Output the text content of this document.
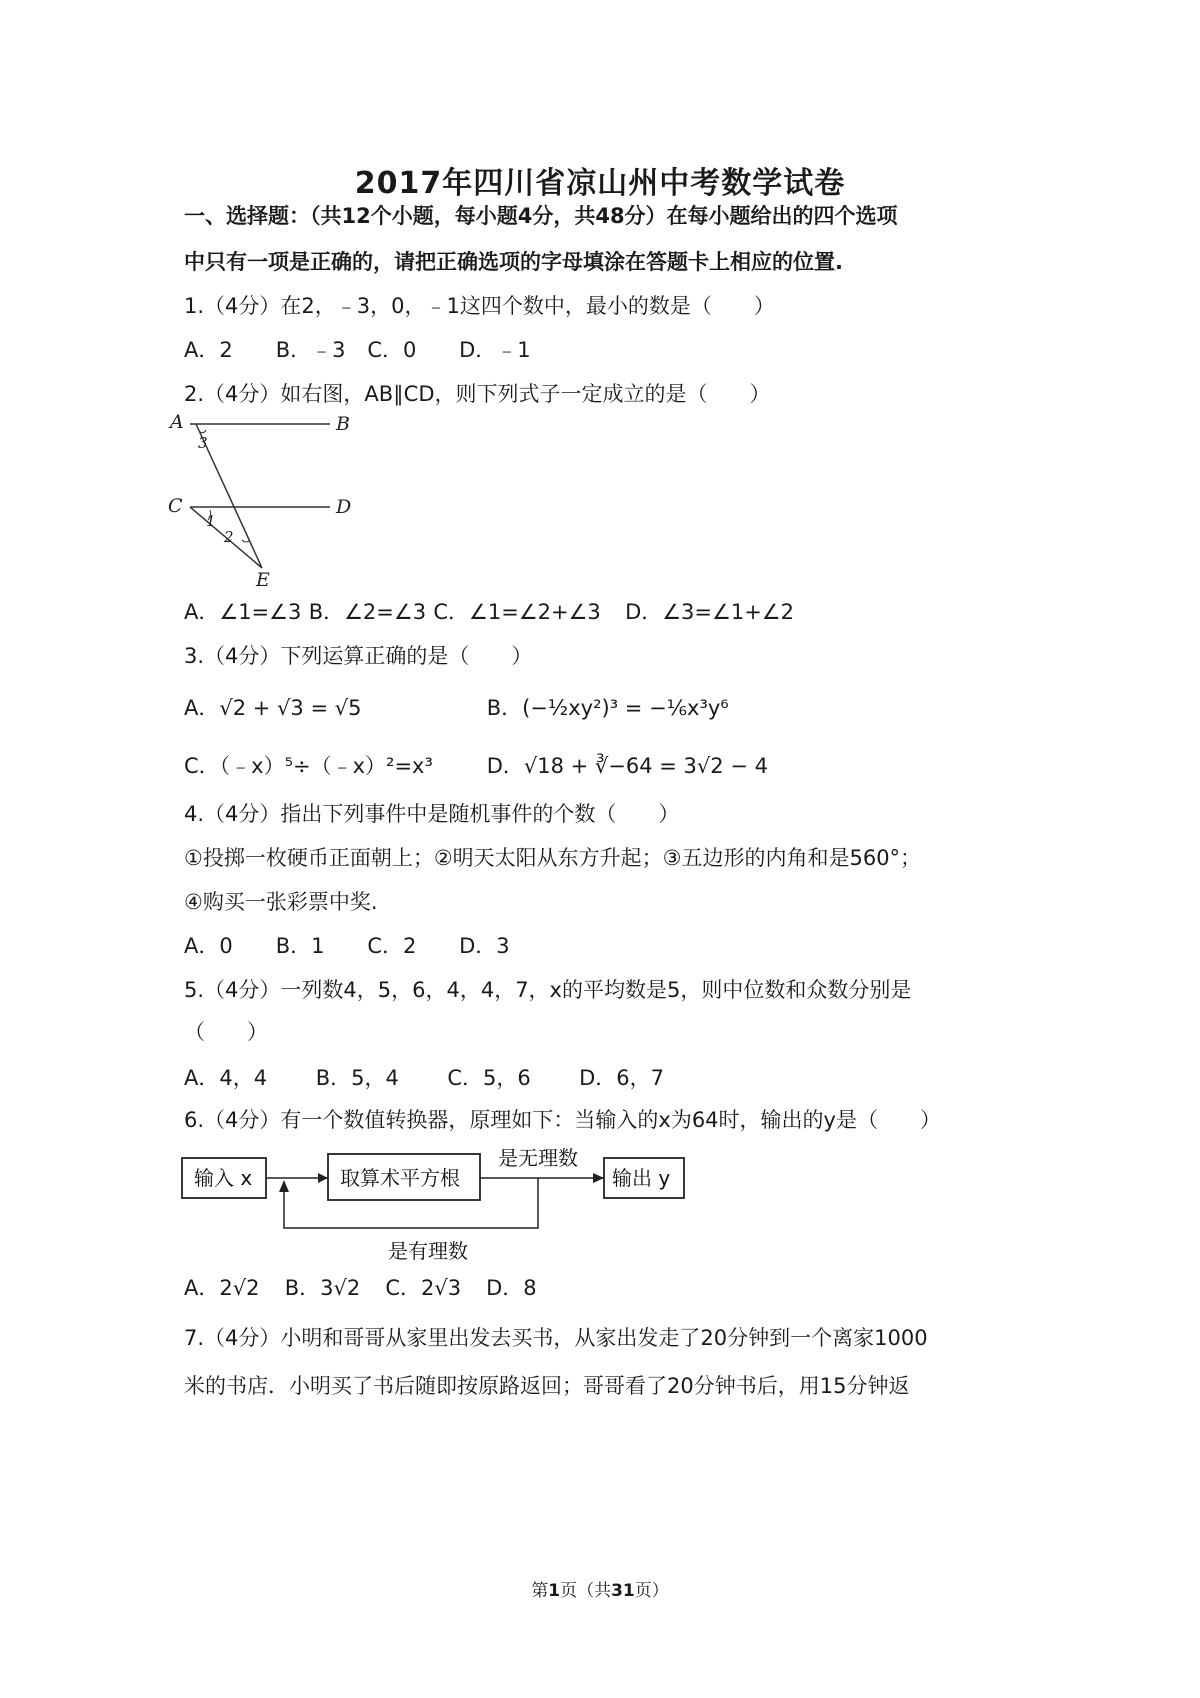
2017年四川省凉山州中考数学试卷
一、选择题：（共12个小题，每小题4分，共48分）在每小题给出的四个选项
中只有一项是正确的，请把正确选项的字母填涂在答题卡上相应的位置.
1.（4分）在2，﹣3，0，﹣1这四个数中，最小的数是（　　）
A．2 B．﹣3 C．0 D．﹣1
2.（4分）如右图，AB∥CD，则下列式子一定成立的是（　　）
A	B
C	D
E
3
1
2
A．∠1=∠3 B．∠2=∠3 C．∠1=∠2+∠3 D．∠3=∠1+∠2
3.（4分）下列运算正确的是（　　）
A．√2 + √3 = √5	B．(−½xy²)³ = −⅙x³y⁶
C．（﹣x）⁵÷（﹣x）²=x³	D．√18 + ∛−64 = 3√2 − 4
4.（4分）指出下列事件中是随机事件的个数（　　）
①投掷一枚硬币正面朝上；②明天太阳从东方升起；③五边形的内角和是560°；
④购买一张彩票中奖.
A．0 B．1 C．2 D．3
5.（4分）一列数4，5，6，4，4，7，x的平均数是5，则中位数和众数分别是
（　　）
A．4，4 B．5，4 C．5，6 D．6，7
6.（4分）有一个数值转换器，原理如下：当输入的x为64时，输出的y是（　　）
输入 x	取算术平方根
是无理数
输出 y
是有理数
A．2√2 B．3√2 C．2√3 D．8
7.（4分）小明和哥哥从家里出发去买书，从家出发走了20分钟到一个离家1000
米的书店．小明买了书后随即按原路返回；哥哥看了20分钟书后，用15分钟返
第1页（共31页）
